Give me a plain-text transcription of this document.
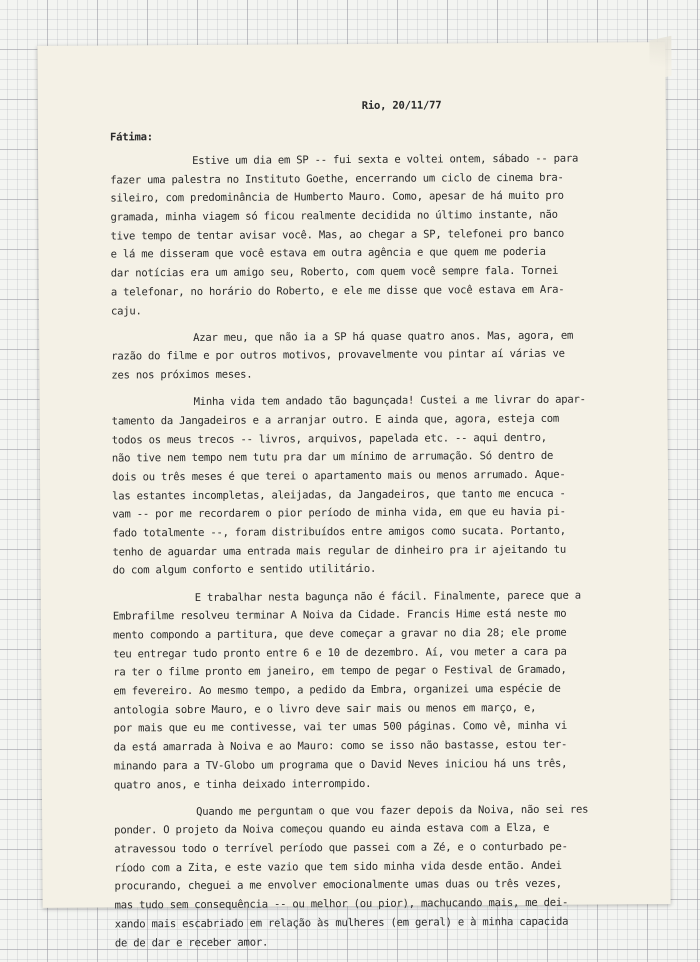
Rio, 20/11/77
Fátima:
Estive um dia em SP -- fui sexta e voltei ontem, sábado -- para
fazer uma palestra no Instituto Goethe, encerrando um ciclo de cinema bra-
sileiro, com predominância de Humberto Mauro. Como, apesar de há muito pro
gramada, minha viagem só ficou realmente decidida no último instante, não
tive tempo de tentar avisar você. Mas, ao chegar a SP, telefonei pro banco
e lá me disseram que você estava em outra agência e que quem me poderia
dar notícias era um amigo seu, Roberto, com quem você sempre fala. Tornei
a telefonar, no horário do Roberto, e ele me disse que você estava em Ara-
caju.
Azar meu, que não ia a SP há quase quatro anos. Mas, agora, em
razão do filme e por outros motivos, provavelmente vou pintar aí várias ve
zes nos próximos meses.
Minha vida tem andado tão bagunçada! Custei a me livrar do apar-
tamento da Jangadeiros e a arranjar outro. E ainda que, agora, esteja com
todos os meus trecos -- livros, arquivos, papelada etc. -- aqui dentro,
não tive nem tempo nem tutu pra dar um mínimo de arrumação. Só dentro de
dois ou três meses é que terei o apartamento mais ou menos arrumado. Aque-
las estantes incompletas, aleijadas, da Jangadeiros, que tanto me encuca -
vam -- por me recordarem o pior período de minha vida, em que eu havia pi-
fado totalmente --, foram distribuídos entre amigos como sucata. Portanto,
tenho de aguardar uma entrada mais regular de dinheiro pra ir ajeitando tu
do com algum conforto e sentido utilitário.
E trabalhar nesta bagunça não é fácil. Finalmente, parece que a
Embrafilme resolveu terminar A Noiva da Cidade. Francis Hime está neste mo
mento compondo a partitura, que deve começar a gravar no dia 28; ele prome
teu entregar tudo pronto entre 6 e 10 de dezembro. Aí, vou meter a cara pa
ra ter o filme pronto em janeiro, em tempo de pegar o Festival de Gramado,
em fevereiro. Ao mesmo tempo, a pedido da Embra, organizei uma espécie de
antologia sobre Mauro, e o livro deve sair mais ou menos em março, e,
por mais que eu me contivesse, vai ter umas 500 páginas. Como vê, minha vi
da está amarrada à Noiva e ao Mauro: como se isso não bastasse, estou ter-
minando para a TV-Globo um programa que o David Neves iniciou há uns três,
quatro anos, e tinha deixado interrompido.
Quando me perguntam o que vou fazer depois da Noiva, não sei res
ponder. O projeto da Noiva começou quando eu ainda estava com a Elza, e
atravessou todo o terrível período que passei com a Zé, e o conturbado pe-
ríodo com a Zita, e este vazio que tem sido minha vida desde então. Andei
procurando, cheguei a me envolver emocionalmente umas duas ou três vezes,
mas tudo sem consequência -- ou melhor (ou pior), machucando mais, me dei-
xando mais escabriado em relação às mulheres (em geral) e à minha capacida
de de dar e receber amor.
